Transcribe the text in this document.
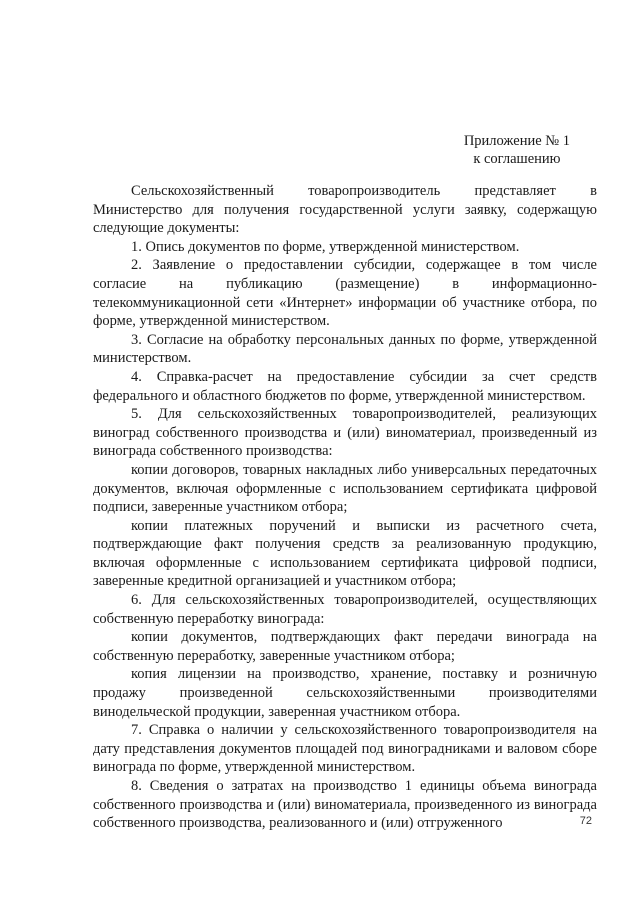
Приложение № 1
к соглашению

Сельскохозяйственный товаропроизводитель представляет в Министерство для получения государственной услуги заявку, содержащую следующие документы:

1. Опись документов по форме, утвержденной министерством.

2. Заявление о предоставлении субсидии, содержащее в том числе согласие на публикацию (размещение) в информационно-телекоммуникационной сети «Интернет» информации об участнике отбора, по форме, утвержденной министерством.

3. Согласие на обработку персональных данных по форме, утвержденной министерством.

4. Справка-расчет на предоставление субсидии за счет средств федерального и областного бюджетов по форме, утвержденной министерством.

5. Для сельскохозяйственных товаропроизводителей, реализующих виноград собственного производства и (или) виноматериал, произведенный из винограда собственного производства:

копии договоров, товарных накладных либо универсальных передаточных документов, включая оформленные с использованием сертификата цифровой подписи, заверенные участником отбора;

копии платежных поручений и выписки из расчетного счета, подтверждающие факт получения средств за реализованную продукцию, включая оформленные с использованием сертификата цифровой подписи, заверенные кредитной организацией и участником отбора;

6. Для сельскохозяйственных товаропроизводителей, осуществляющих собственную переработку винограда:

копии документов, подтверждающих факт передачи винограда на собственную переработку, заверенные участником отбора;

копия лицензии на производство, хранение, поставку и розничную продажу произведенной сельскохозяйственными производителями винодельческой продукции, заверенная участником отбора.

7. Справка о наличии у сельскохозяйственного товаропроизводителя на дату представления документов площадей под виноградниками и валовом сборе винограда по форме, утвержденной министерством.

8. Сведения о затратах на производство 1 единицы объема винограда собственного производства и (или) виноматериала, произведенного из винограда собственного производства, реализованного и (или) отгруженного	72
